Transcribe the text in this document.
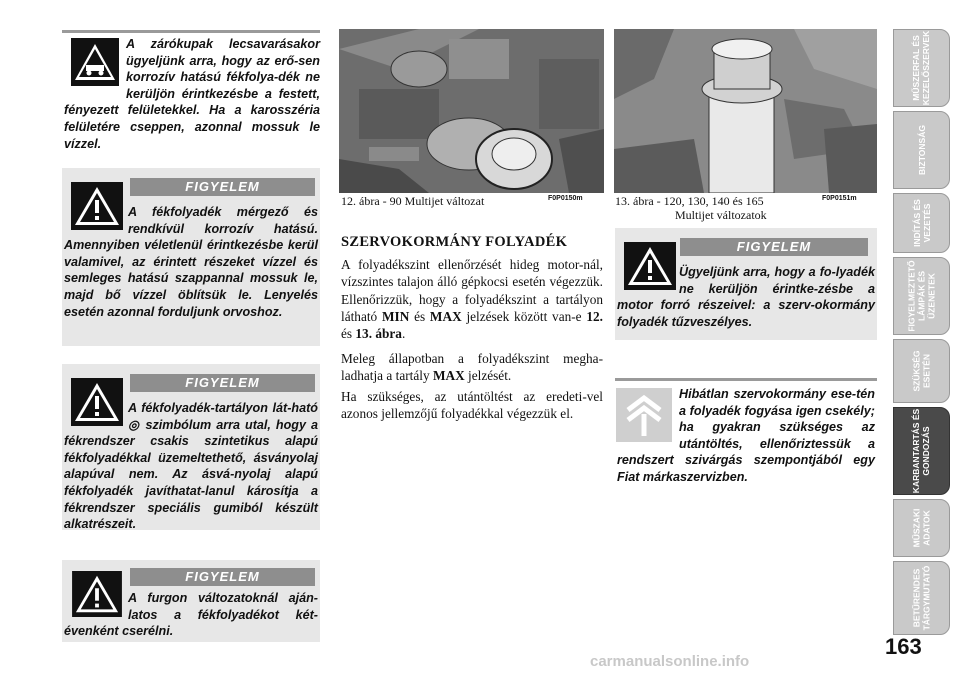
A zárókupak lecsavarásakor ügyeljünk arra, hogy az erő-sen korrozív hatású fékfolya-dék ne kerüljön érintkezésbe a festett, fényezett felületekkel. Ha a karosszéria felületére cseppen, azonnal mossuk le vízzel.
FIGYELEM
A fékfolyadék mérgező és rendkívül korrozív hatású. Amennyiben véletlenül érintkezésbe kerül valamivel, az érintett részeket vízzel és semleges hatású szappannal mossuk le, majd bő vízzel öblítsük le. Lenyelés esetén azonnal forduljunk orvoshoz.
FIGYELEM
A fékfolyadék-tartályon lát-ható ◎ szimbólum arra utal, hogy a fékrendszer csakis szintetikus alapú fékfolyadékkal üzemeltethető, ásványolaj alapúval nem. Az ásvá-nyolaj alapú fékfolyadék javíthatat-lanul károsítja a fékrendszer speciális gumiból készült alkatrészeit.
FIGYELEM
A furgon változatoknál aján-latos a fékfolyadékot két-évenként cserélni.
12. ábra - 90 Multijet változat	F0P0150m	13. ábra - 120, 130, 140 és 165
Multijet változatok
F0P0151m
SZERVOKORMÁNY FOLYADÉK
A folyadékszint ellenőrzését hideg motor-nál, vízszintes talajon álló gépkocsi esetén végezzük. Ellenőrizzük, hogy a folyadékszint a tartályon látható MIN és MAX jelzések között van-e 12. és 13. ábra.
Meleg állapotban a folyadékszint megha-ladhatja a tartály MAX jelzését.
Ha szükséges, az utántöltést az eredeti-vel azonos jellemzőjű folyadékkal végezzük el.
FIGYELEM
Ügyeljünk arra, hogy a fo-lyadék ne kerüljön érintke-zésbe a motor forró részeivel: a szerv-okormány folyadék tűzveszélyes.
Hibátlan szervokormány ese-tén a folyadék fogyása igen csekély; ha gyakran szükséges az utántöltés, ellenőriztessük a rendszert szivárgás szempontjából egy Fiat márkaszervizben.
MŰSZERFAL ÉS
KEZELŐSZERVEK
BIZTONSÁG
INDÍTÁS ÉS
VEZETÉS
FIGYELMEZTETŐ
LÁMPÁK ÉS
ÜZENETEK
SZÜKSÉG
ESETÉN
KARBANTARTÁS ÉS
GONDOZÁS
MŰSZAKI
ADATOK
BETŰRENDES
TÁRGYMUTATÓ
163
carmanualsonline.info
